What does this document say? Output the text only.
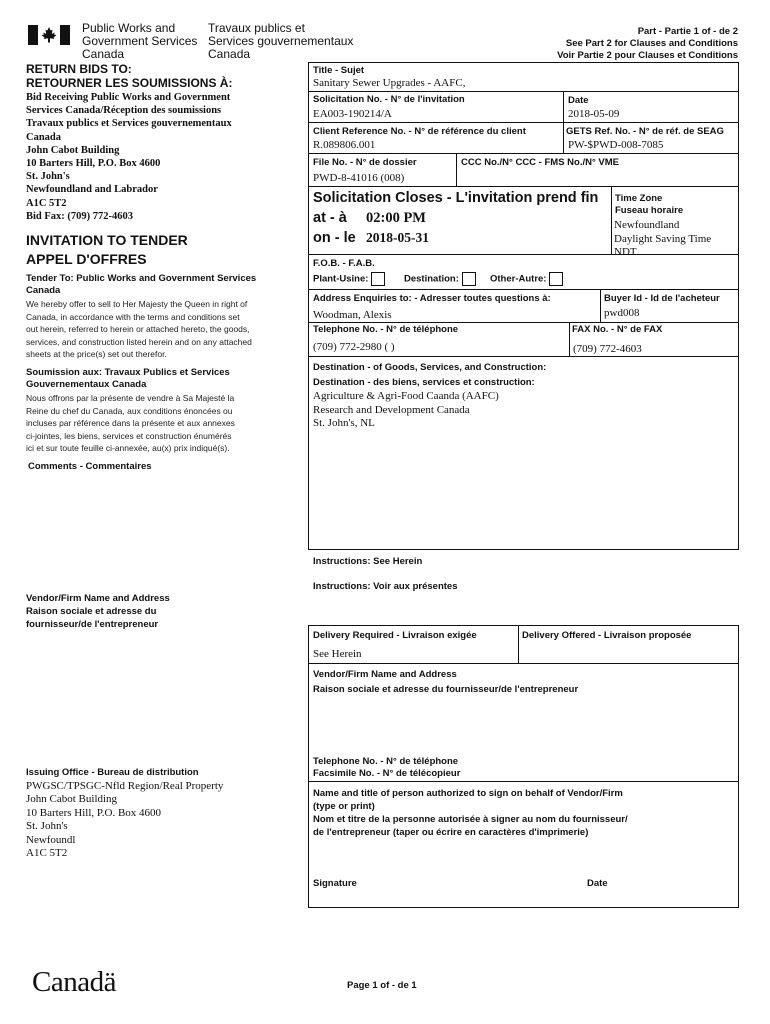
Public Works and
Government Services
Canada
Travaux publics et
Services gouvernementaux
Canada
Part - Partie 1 of - de 2
See Part 2 for Clauses and Conditions
Voir Partie 2 pour Clauses et Conditions
RETURN BIDS TO:
RETOURNER LES SOUMISSIONS À:
Bid Receiving Public Works and Government
Services Canada/Réception des soumissions
Travaux publics et Services gouvernementaux
Canada
John Cabot Building
10 Barters Hill, P.O. Box 4600
St. John's
Newfoundland and Labrador
A1C 5T2
Bid Fax: (709) 772-4603
INVITATION TO TENDER
APPEL D'OFFRES
Tender To: Public Works and Government Services
Canada
We hereby offer to sell to Her Majesty the Queen in right of
Canada, in accordance with the terms and conditions set
out herein, referred to herein or attached hereto, the goods,
services, and construction listed herein and on any attached
sheets at the price(s) set out therefor.
Soumission aux: Travaux Publics et Services
Gouvernementaux Canada
Nous offrons par la présente de vendre à Sa Majesté la
Reine du chef du Canada, aux conditions énoncées ou
incluses par référence dans la présente et aux annexes
ci-jointes, les biens, services et construction énumérés
ici et sur toute feuille ci-annexée, au(x) prix indiqué(s).
Comments - Commentaires
Vendor/Firm Name and Address
Raison sociale et adresse du
fournisseur/de l'entrepreneur
Issuing Office - Bureau de distribution
PWGSC/TPSGC-Nfld Region/Real Property
John Cabot Building
10 Barters Hill, P.O. Box 4600
St. John's
Newfoundl
A1C 5T2
Title - Sujet
Sanitary Sewer Upgrades - AAFC,
Solicitation No. - N° de l'invitation
EA003-190214/A
Date
2018-05-09
Client Reference No. - N° de référence du client
R.089806.001
GETS Ref. No. - N° de réf. de SEAG
PW-$PWD-008-7085
File No. - N° de dossier
PWD-8-41016 (008)
CCC No./N° CCC - FMS No./N° VME
Solicitation Closes - L'invitation prend fin
at - à 02:00 PM
on - le 2018-05-31
Time Zone
Fuseau horaire
Newfoundland
Daylight Saving Time
NDT
F.O.B. - F.A.B.
Plant-Usine:	Destination:	Other-Autre:
Address Enquiries to: - Adresser toutes questions à:
Woodman, Alexis
Buyer Id - Id de l'acheteur
pwd008
Telephone No. - N° de téléphone
(709) 772-2980 ( )
FAX No. - N° de FAX
(709) 772-4603
Destination - of Goods, Services, and Construction:
Destination - des biens, services et construction:
Agriculture & Agri-Food Caanda (AAFC)
Research and Development Canada
St. John's, NL
Instructions: See Herein
Instructions: Voir aux présentes
Delivery Required - Livraison exigée
See Herein
Delivery Offered - Livraison proposée
Vendor/Firm Name and Address
Raison sociale et adresse du fournisseur/de l'entrepreneur
Telephone No. - N° de téléphone
Facsimile No. - N° de télécopieur
Name and title of person authorized to sign on behalf of Vendor/Firm
(type or print)
Nom et titre de la personne autorisée à signer au nom du fournisseur/
de l'entrepreneur (taper ou écrire en caractères d'imprimerie)
Signature	Date
Canadä	Page 1 of - de 1
